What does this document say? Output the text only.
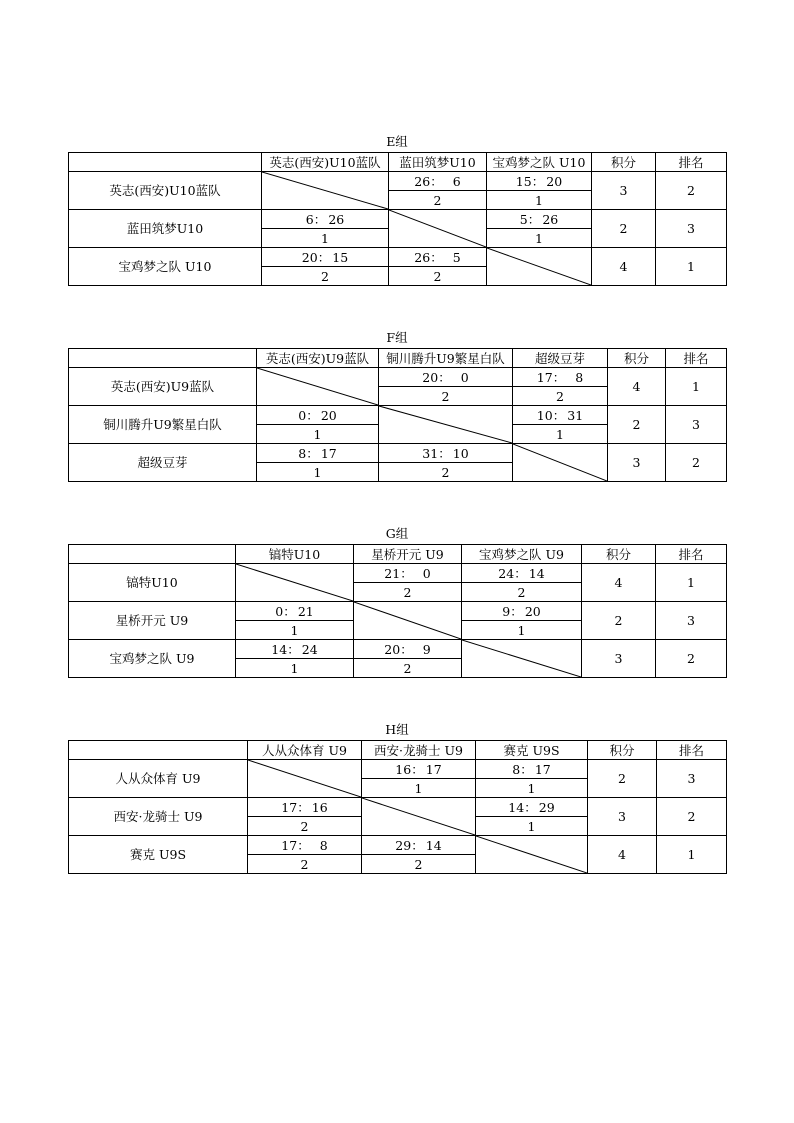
E组
	英志(西安)U10蓝队	蓝田筑梦U10	宝鸡梦之队 U10	积分	排名
英志(西安)U10蓝队		26： 6	15： 20	3	2
		2	1		
蓝田筑梦U10	6： 26		5： 26	2	3
	1		1		
宝鸡梦之队 U10	20： 15	26： 5		4	1
	2	2			
F组
	英志(西安)U9蓝队	铜川腾升U9繁星白队	超级豆芽	积分	排名
英志(西安)U9蓝队		20： 0	17： 8	4	1
		2	2		
铜川腾升U9繁星白队	0： 20		10： 31	2	3
	1		1		
超级豆芽	8： 17	31： 10		3	2
	1	2			
G组
	镐特U10	星桥开元 U9	宝鸡梦之队 U9	积分	排名
镐特U10		21： 0	24： 14	4	1
		2	2		
星桥开元 U9	0： 21		9： 20	2	3
	1		1		
宝鸡梦之队 U9	14： 24	20： 9		3	2
	1	2			
H组
	人从众体育 U9	西安·龙骑士 U9	赛克 U9S	积分	排名
人从众体育 U9		16： 17	8： 17	2	3
		1	1		
西安·龙骑士 U9	17： 16		14： 29	3	2
	2		1		
赛克 U9S	17： 8	29： 14		4	1
	2	2			
